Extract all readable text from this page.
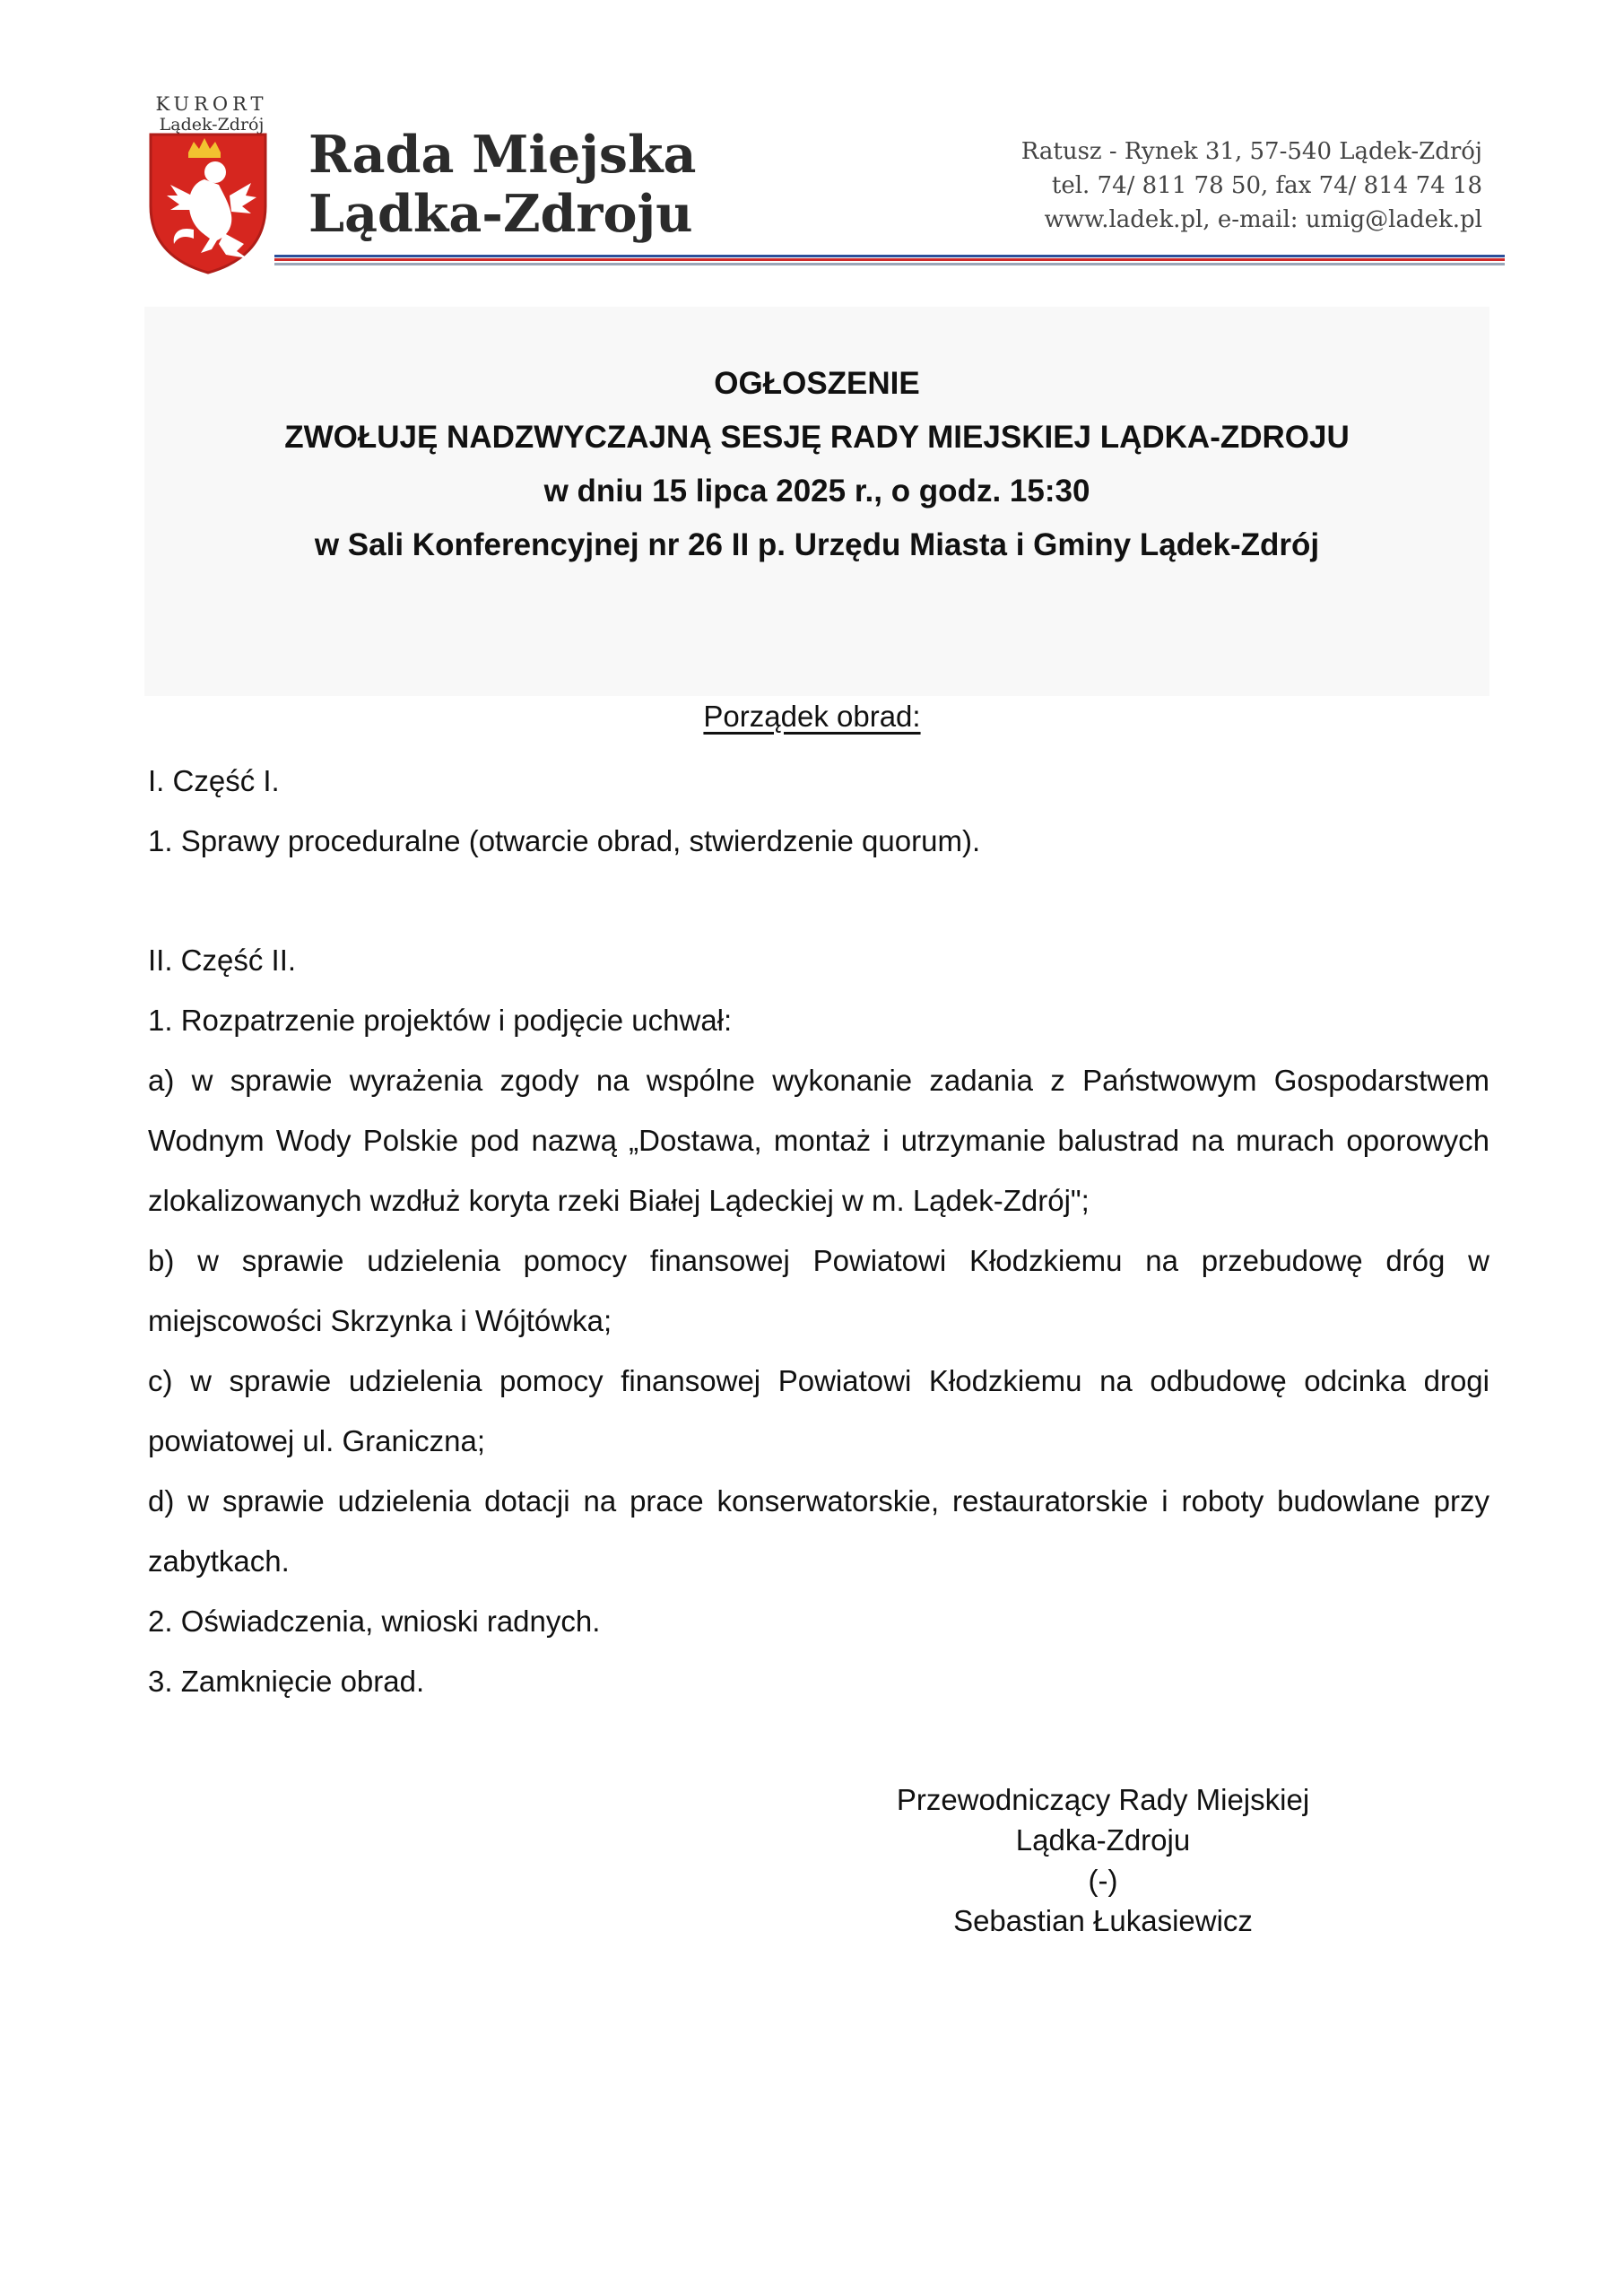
KURORT
Lądek-Zdrój Rada Miejska
Lądka-Zdroju
Ratusz - Rynek 31, 57-540 Lądek-Zdrój
tel. 74/ 811 78 50, fax 74/ 814 74 18
www.ladek.pl, e-mail: umig@ladek.pl
OGŁOSZENIE
ZWOŁUJĘ NADZWYCZAJNĄ SESJĘ RADY MIEJSKIEJ LĄDKA-ZDROJU
w dniu 15 lipca 2025 r., o godz. 15:30
w Sali Konferencyjnej nr 26 II p. Urzędu Miasta i Gminy Lądek-Zdrój
Porządek obrad:

I. Część I.

1. Sprawy proceduralne (otwarcie obrad, stwierdzenie quorum).

II. Część II.

1. Rozpatrzenie projektów i podjęcie uchwał:

a) w sprawie wyrażenia zgody na wspólne wykonanie zadania z Państwowym Gospodarstwem Wodnym Wody Polskie pod nazwą „Dostawa, montaż i utrzymanie balustrad na murach oporowych zlokalizowanych wzdłuż koryta rzeki Białej Lądeckiej w m. Lądek-Zdrój";

b) w sprawie udzielenia pomocy finansowej Powiatowi Kłodzkiemu na przebudowę dróg w miejscowości Skrzynka i Wójtówka;

c) w sprawie udzielenia pomocy finansowej Powiatowi Kłodzkiemu na odbudowę odcinka drogi powiatowej ul. Graniczna;

d) w sprawie udzielenia dotacji na prace konserwatorskie, restauratorskie i roboty budowlane przy zabytkach.

2. Oświadczenia, wnioski radnych.

3. Zamknięcie obrad.

Przewodniczący Rady Miejskiej
Lądka-Zdroju
(-)
Sebastian Łukasiewicz
